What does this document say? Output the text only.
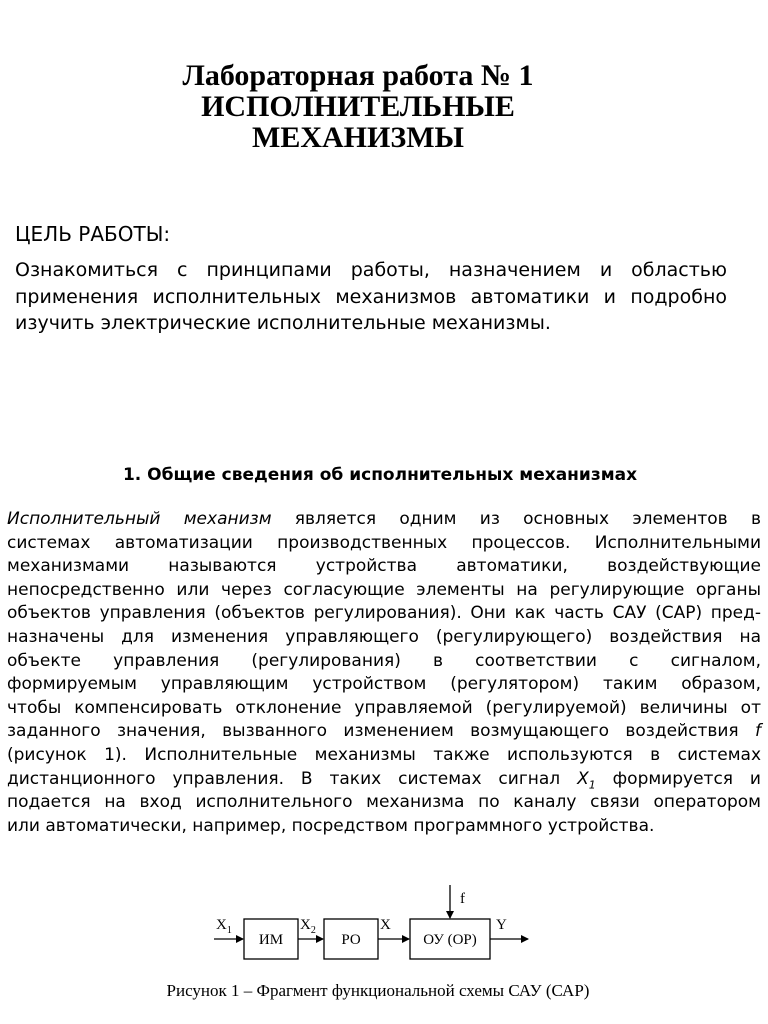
Лабораторная работа № 1
ИСПОЛНИТЕЛЬНЫЕ
МЕХАНИЗМЫ
ЦЕЛЬ РАБОТЫ:
Ознакомиться с принципами работы, назначением и областью
применения исполнительных механизмов автоматики и подробно
изучить электрические исполнительные механизмы.
1. Общие сведения об исполнительных механизмах
Исполнительный механизм является одним из основных элементов в
системах автоматизации производственных процессов. Исполнительными
механизмами называются устройства автоматики, воздействующие
непосредственно или через согласующие элементы на регулирующие органы
объектов управления (объектов регулирования). Они как часть САУ (САР) пред-
назначены для изменения управляющего (регулирующего) воздействия на
объекте управления (регулирования) в соответствии с сигналом,
формируемым управляющим устройством (регулятором) таким образом,
чтобы компенсировать отклонение управляемой (регулируемой) величины от
заданного значения, вызванного изменением возмущающего воздействия f
(рисунок 1). Исполнительные механизмы также используются в системах
дистанционного управления. В таких системах сигнал $X_1$ формируется и
подается на вход исполнительного механизма по каналу связи оператором
или автоматически, например, посредством программного устройства.
$X_1$
ИМ
$X_2$
РО
X
ОУ (ОР)
f
Y
Рисунок 1 – Фрагмент функциональной схемы САУ (САР)
